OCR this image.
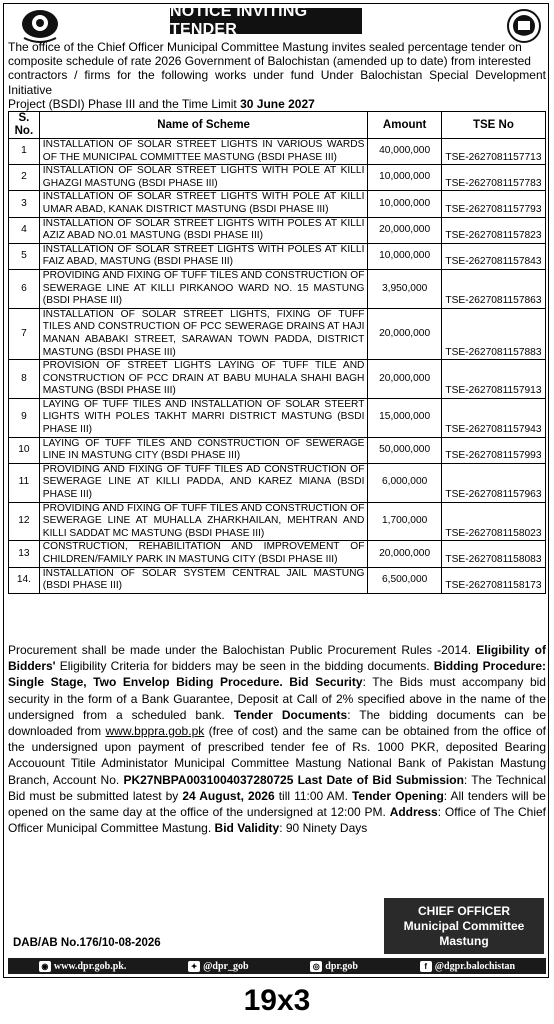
NOTICE INVITING TENDER
The office of the Chief Officer Municipal Committee Mastung invites sealed percentage tender on
composite schedule of rate 2026 Government of Balochistan (amended up to date) from interested
contractors / firms for the following works under fund Under Balochistan Special Development Initiative
Project (BSDI) Phase III and the Time Limit 30 June 2027
S. No.	Name of Scheme	Amount	TSE No
1	INSTALLATION OF SOLAR STREET LIGHTS IN VARIOUS WARDS OF THE MUNICIPAL COMMITTEE MASTUNG (BSDI PHASE III)	40,000,000	TSE-2627081157713
2	INSTALLATION OF SOLAR STREET LIGHTS WITH POLE AT KILLI GHAZGI MASTUNG (BSDI PHASE III)	10,000,000	TSE-2627081157783
3	INSTALLATION OF SOLAR STREET LIGHTS WITH POLE AT KILLI UMAR ABAD, KANAK DISTRICT MASTUNG (BSDI PHASE III)	10,000,000	TSE-2627081157793
4	INSTALLATION OF SOLAR STREET LIGHTS WITH POLES AT KILLI AZIZ ABAD NO.01 MASTUNG (BSDI PHASE III)	20,000,000	TSE-2627081157823
5	INSTALLATION OF SOLAR STREET LIGHTS WITH POLES AT KILLI FAIZ ABAD, MASTUNG (BSDI PHASE III)	10,000,000	TSE-2627081157843
6	PROVIDING AND FIXING OF TUFF TILES AND CONSTRUCTION OF SEWERAGE LINE AT KILLI PIRKANOO WARD NO. 15 MASTUNG (BSDI PHASE III)	3,950,000	TSE-2627081157863
7	INSTALLATION OF SOLAR STREET LIGHTS, FIXING OF TUFF TILES AND CONSTRUCTION OF PCC SEWERAGE DRAINS AT HAJI MANAN ABABAKI STREET, SARAWAN TOWN PADDA, DISTRICT MASTUNG (BSDI PHASE III)	20,000,000	TSE-2627081157883
8	PROVISION OF STREET LIGHTS LAYING OF TUFF TILE AND CONSTRUCTION OF PCC DRAIN AT BABU MUHALA SHAHI BAGH MASTUNG (BSDI PHASE III)	20,000,000	TSE-2627081157913
9	LAYING OF TUFF TILES AND INSTALLATION OF SOLAR STEERT LIGHTS WITH POLES TAKHT MARRI DISTRICT MASTUNG (BSDI PHASE III)	15,000,000	TSE-2627081157943
10	LAYING OF TUFF TILES AND CONSTRUCTION OF SEWERAGE LINE IN MASTUNG CITY (BSDI PHASE III)	50,000,000	TSE-2627081157993
11	PROVIDING AND FIXING OF TUFF TILES AD CONSTRUCTION OF SEWERAGE LINE AT KILLI PADDA, AND KAREZ MIANA (BSDI PHASE III)	6,000,000	TSE-2627081157963
12	PROVIDING AND FIXING OF TUFF TILES AND CONSTRUCTION OF SEWERAGE LINE AT MUHALLA ZHARKHAILAN, MEHTRAN AND KILLI SADDAT MC MASTUNG (BSDI PHASE III)	1,700,000	TSE-2627081158023
13	CONSTRUCTION, REHABILITATION AND IMPROVEMENT OF CHILDREN/FAMILY PARK IN MASTUNG CITY (BSDI PHASE III)	20,000,000	TSE-2627081158083
14.	INSTALLATION OF SOLAR SYSTEM CENTRAL JAIL MASTUNG (BSDI PHASE III)	6,500,000	TSE-2627081158173
Procurement shall be made under the Balochistan Public Procurement Rules -2014. Eligibility of Bidders' Eligibility Criteria for bidders may be seen in the bidding documents. Bidding Procedure: Single Stage, Two Envelop Biding Procedure. Bid Security: The Bids must accompany bid security in the form of a Bank Guarantee, Deposit at Call of 2% specified above in the name of the undersigned from a scheduled bank. Tender Documents: The bidding documents can be downloaded from www.bppra.gob.pk (free of cost) and the same can be obtained from the office of the undersigned upon payment of prescribed tender fee of Rs. 1000 PKR, deposited Bearing Accouount Titile Administator Municipal Committee Mastung National Bank of Pakistan Mastung Branch, Account No. PK27NBPA0031004037280725 Last Date of Bid Submission: The Technical Bid must be submitted latest by 24 August, 2026 till 11:00 AM. Tender Opening: All tenders will be opened on the same day at the office of the undersigned at 12:00 PM. Address: Office of The Chief Officer Municipal Committee Mastung. Bid Validity: 90 Ninety Days
CHIEF OFFICER
Municipal Committee
Mastung
DAB/AB No.176/10-08-2026
◉ www.dpr.gob.pk.	✦ @dpr_gob	◎ dpr.gob	f @dgpr.balochistan
19x3
